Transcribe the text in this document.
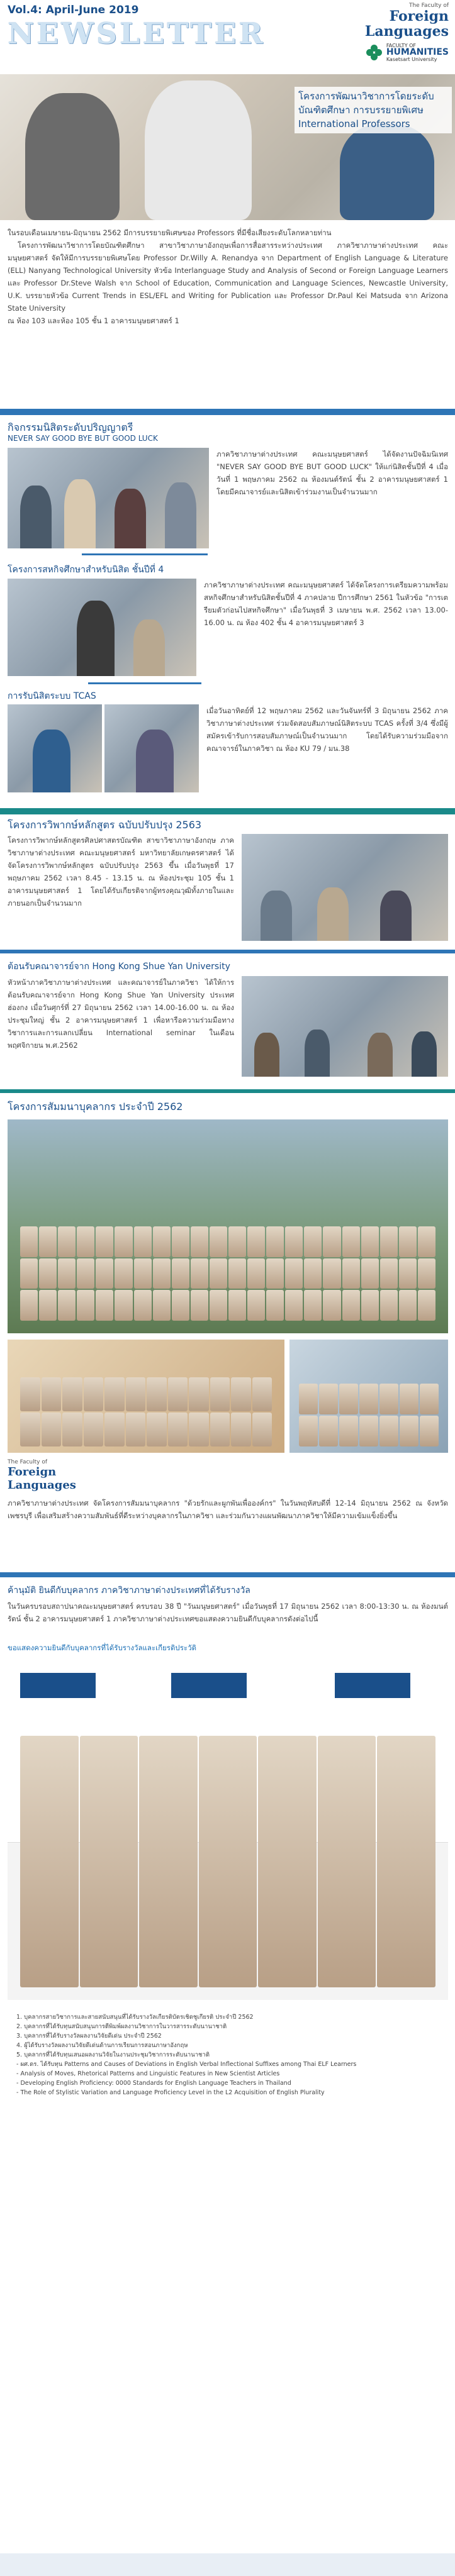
Vol.4: April-June 2019
NEWSLETTER
The Faculty of
Foreign Languages
FACULTY OF
HUMANITIES
Kasetsart University
โครงการพัฒนาวิชาการโดยระดับบัณฑิตศึกษา การบรรยายพิเศษ International Professors

ในรอบเดือนเมษายน-มิถุนายน 2562 มีการบรรยายพิเศษของ Professors ที่มีชื่อเสียงระดับโลกหลายท่าน

โครงการพัฒนาวิชาการโดยบัณฑิตศึกษา สาขาวิชาภาษาอังกฤษเพื่อการสื่อสารระหว่างประเทศ ภาควิชาภาษาต่างประเทศ คณะมนุษยศาสตร์ จัดให้มีการบรรยายพิเศษโดย Professor Dr.Willy A. Renandya จาก Department of English Language & Literature (ELL) Nanyang Technological University หัวข้อ Interlanguage Study and Analysis of Second or Foreign Language Learners และ Professor Dr.Steve Walsh จาก School of Education, Communication and Language Sciences, Newcastle University, U.K. บรรยายหัวข้อ Current Trends in ESL/EFL and Writing for Publication และ Professor Dr.Paul Kei Matsuda จาก Arizona State University

ณ ห้อง 103 และห้อง 105 ชั้น 1 อาคารมนุษยศาสตร์ 1

กิจกรรมนิสิตระดับปริญญาตรี
NEVER SAY GOOD BYE BUT GOOD LUCK
ภาควิชาภาษาต่างประเทศ คณะมนุษยศาสตร์ ได้จัดงานปัจฉิมนิเทศ "NEVER SAY GOOD BYE BUT GOOD LUCK" ให้แก่นิสิตชั้นปีที่ 4 เมื่อวันที่ 1 พฤษภาคม 2562 ณ ห้องมนต์รัตน์ ชั้น 2 อาคารมนุษยศาสตร์ 1 โดยมีคณาจารย์และนิสิตเข้าร่วมงานเป็นจำนวนมาก
โครงการสหกิจศึกษาสำหรับนิสิต ชั้นปีที่ 4
ภาควิชาภาษาต่างประเทศ คณะมนุษยศาสตร์ ได้จัดโครงการเตรียมความพร้อมสหกิจศึกษาสำหรับนิสิตชั้นปีที่ 4 ภาคปลาย ปีการศึกษา 2561 ในหัวข้อ "การเตรียมตัวก่อนไปสหกิจศึกษา" เมื่อวันพุธที่ 3 เมษายน พ.ศ. 2562 เวลา 13.00-16.00 น. ณ ห้อง 402 ชั้น 4 อาคารมนุษยศาสตร์ 3
การรับนิสิตระบบ TCAS
เมื่อวันอาทิตย์ที่ 12 พฤษภาคม 2562 และวันจันทร์ที่ 3 มิถุนายน 2562 ภาควิชาภาษาต่างประเทศ ร่วมจัดสอบสัมภาษณ์นิสิตระบบ TCAS ครั้งที่ 3/4 ซึ่งมีผู้สมัครเข้ารับการสอบสัมภาษณ์เป็นจำนวนมาก โดยได้รับความร่วมมือจากคณาจารย์ในภาควิชา ณ ห้อง KU 79 / มน.38
โครงการวิพากษ์หลักสูตร ฉบับปรับปรุง 2563
โครงการวิพากษ์หลักสูตรศิลปศาสตรบัณฑิต สาขาวิชาภาษาอังกฤษ ภาควิชาภาษาต่างประเทศ คณะมนุษยศาสตร์ มหาวิทยาลัยเกษตรศาสตร์ ได้จัดโครงการวิพากษ์หลักสูตร ฉบับปรับปรุง 2563 ขึ้น เมื่อวันพุธที่ 17 พฤษภาคม 2562 เวลา 8.45 - 13.15 น. ณ ห้องประชุม 105 ชั้น 1 อาคารมนุษยศาสตร์ 1 โดยได้รับเกียรติจากผู้ทรงคุณวุฒิทั้งภายในและภายนอกเป็นจำนวนมาก
ต้อนรับคณาจารย์จาก Hong Kong Shue Yan University
หัวหน้าภาควิชาภาษาต่างประเทศ และคณาจารย์ในภาควิชา ได้ให้การต้อนรับคณาจารย์จาก Hong Kong Shue Yan University ประเทศฮ่องกง เมื่อวันศุกร์ที่ 27 มิถุนายน 2562 เวลา 14.00-16.00 น. ณ ห้องประชุมใหญ่ ชั้น 2 อาคารมนุษยศาสตร์ 1 เพื่อหารือความร่วมมือทางวิชาการและการแลกเปลี่ยน International seminar ในเดือนพฤศจิกายน พ.ศ.2562
โครงการสัมมนาบุคลากร ประจำปี 2562
The Faculty of
Foreign Languages
ภาควิชาภาษาต่างประเทศ จัดโครงการสัมมนาบุคลากร "ด้วยรักและผูกพันเพื่อองค์กร" ในวันพฤหัสบดีที่ 12-14 มิถุนายน 2562 ณ จังหวัดเพชรบุรี เพื่อเสริมสร้างความสัมพันธ์ที่ดีระหว่างบุคลากรในภาควิชา และร่วมกันวางแผนพัฒนาภาควิชาให้มีความเข้มแข็งยิ่งขึ้น
ค้านุมัติ ยินดีกับบุคลากร ภาควิชาภาษาต่างประเทศที่ได้รับรางวัล
ในวันครบรอบสถาปนาคณะมนุษยศาสตร์ ครบรอบ 38 ปี "วันมนุษยศาสตร์" เมื่อวันพุธที่ 17 มิถุนายน 2562 เวลา 8:00-13:30 น. ณ ห้องมนต์รัตน์ ชั้น 2 อาคารมนุษยศาสตร์ 1 ภาควิชาภาษาต่างประเทศขอแสดงความยินดีกับบุคลากรดังต่อไปนี้
ขอแสดงความยินดีกับบุคลากรที่ได้รับรางวัลและเกียรติประวัติ
1. บุคลากรสายวิชาการและสายสนับสนุนที่ได้รับรางวัลเกียรติบัตรเชิดชูเกียรติ ประจำปี 2562
2. บุคลากรที่ได้รับทุนสนับสนุนการตีพิมพ์ผลงานวิชาการในวารสารระดับนานาชาติ
3. บุคลากรที่ได้รับรางวัลผลงานวิจัยดีเด่น ประจำปี 2562
4. ผู้ได้รับรางวัลผลงานวิจัยดีเด่นด้านการเรียนการสอนภาษาอังกฤษ
5. บุคลากรที่ได้รับทุนเสนอผลงานวิจัยในงานประชุมวิชาการระดับนานาชาติ
- ผศ.ดร. ได้รับทุน Patterns and Causes of Deviations in English Verbal Inflectional Suffixes among Thai ELF Learners
- Analysis of Moves, Rhetorical Patterns and Linguistic Features in New Scientist Articles
- Developing English Proficiency: 0000 Standards for English Language Teachers in Thailand
- The Role of Stylistic Variation and Language Proficiency Level in the L2 Acquisition of English Plurality
